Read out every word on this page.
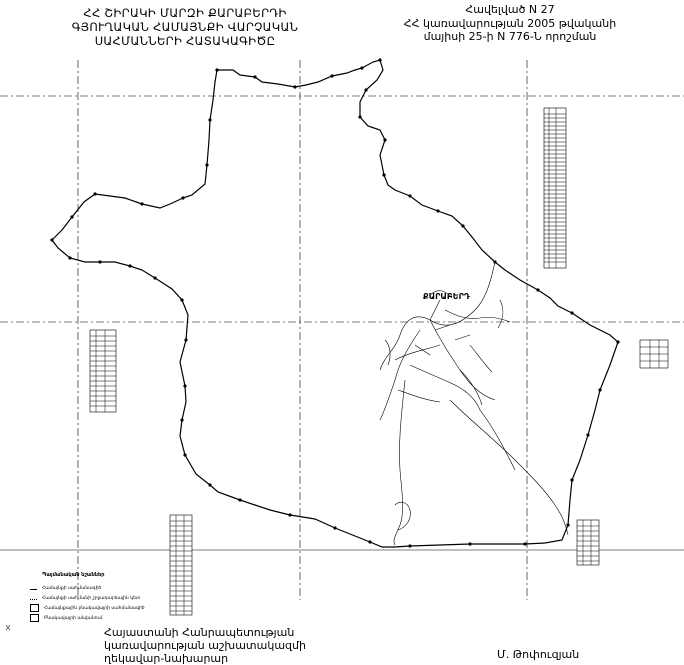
ՀՀ ՇԻՐԱԿԻ ՄԱՐԶԻ ՔԱՐԱԲԵՐԴԻ
ԳՅՈՒՂԱԿԱՆ ՀԱՄԱՅՆՔԻ ՎԱՐՉԱԿԱՆ
ՍԱՀՄԱՆՆԵՐԻ ՀԱՏԱԿԱԳԻԾԸ
Հավելված N 27
ՀՀ կառավարության 2005 թվականի
մայիսի 25-ի N 776-Ն որոշման
ՔԱՐԱԲԵՐԴ
Պայմանական նշաններ
Համայնքի սահմանագիծ
Համայնքի սահմանի շրջադարձային կետ
Համայնքային բնակավայրի սահմանագիծ
Բնակավայրի անվանում
Հայաստանի Հանրապետության
կառավարության աշխատակազմի
ղեկավար-նախարար	Մ. Թոփուզյան
